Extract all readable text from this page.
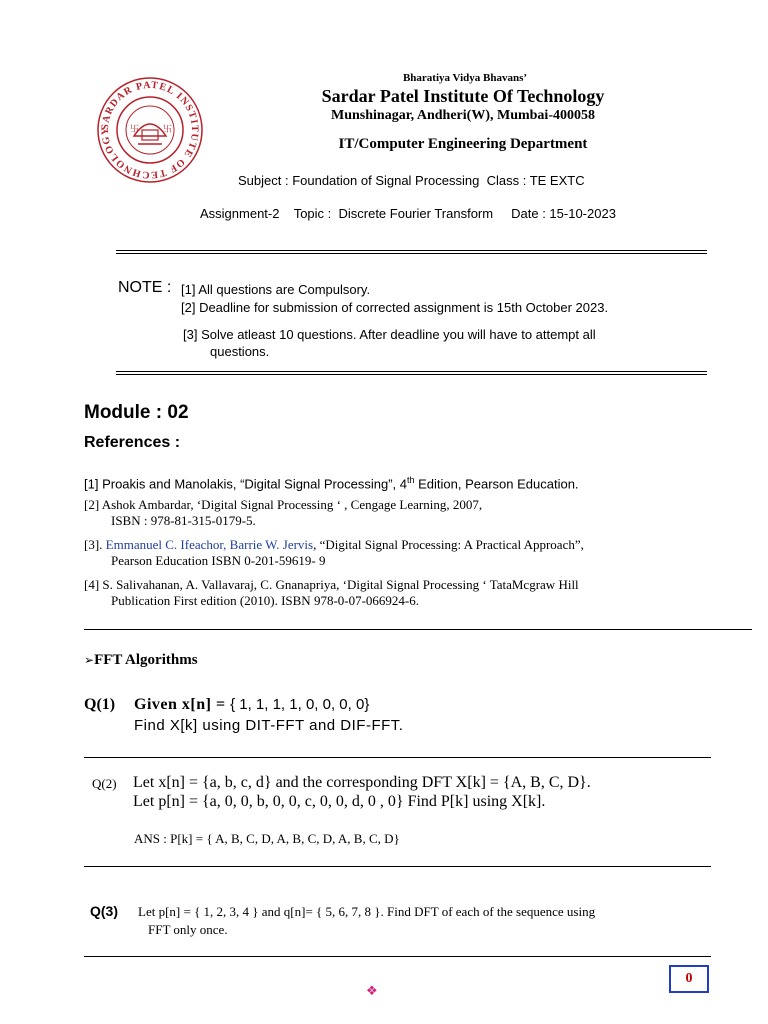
SARDAR PATEL INSTITUTE OF TECHNOLOGY	卐	卐
Bharatiya Vidya Bhavans’
Sardar Patel Institute Of Technology
Munshinagar, Andheri(W), Mumbai-400058
IT/Computer Engineering Department
Subject : Foundation of Signal Processing  Class : TE EXTC
Assignment-2    Topic :  Discrete Fourier Transform     Date : 15-10-2023
NOTE : [1] All questions are Compulsory.
[2] Deadline for submission of corrected assignment is 15th October 2023.
[3] Solve atleast 10 questions. After deadline you will have to attempt all
questions.
Module : 02
References :
[1] Proakis and Manolakis, “Digital Signal Processing”, 4th Edition, Pearson Education.
[2] Ashok Ambardar, ‘Digital Signal Processing ‘ , Cengage Learning, 2007,
ISBN : 978-81-315-0179-5.
[3]. Emmanuel C. Ifeachor, Barrie W. Jervis, “Digital Signal Processing: A Practical Approach”,
Pearson Education ISBN 0-201-59619- 9
[4] S. Salivahanan, A. Vallavaraj, C. Gnanapriya, ‘Digital Signal Processing ‘ TataMcgraw Hill
Publication First edition (2010). ISBN 978-0-07-066924-6.
➢FFT Algorithms
Q(1) Given x[n] = { 1, 1, 1, 1, 0, 0, 0, 0}
Find X[k] using DIT-FFT and DIF-FFT.
Q(2) Let x[n] = {a, b, c, d} and the corresponding DFT X[k] = {A, B, C, D}.
Let p[n] = {a, 0, 0, b, 0, 0, c, 0, 0, d, 0 , 0} Find P[k] using X[k].
ANS : P[k] = { A, B, C, D, A, B, C, D, A, B, C, D}
Q(3) Let p[n] = { 1, 2, 3, 4 } and q[n]= { 5, 6, 7, 8 }. Find DFT of each of the sequence using
FFT only once.
0
❖
